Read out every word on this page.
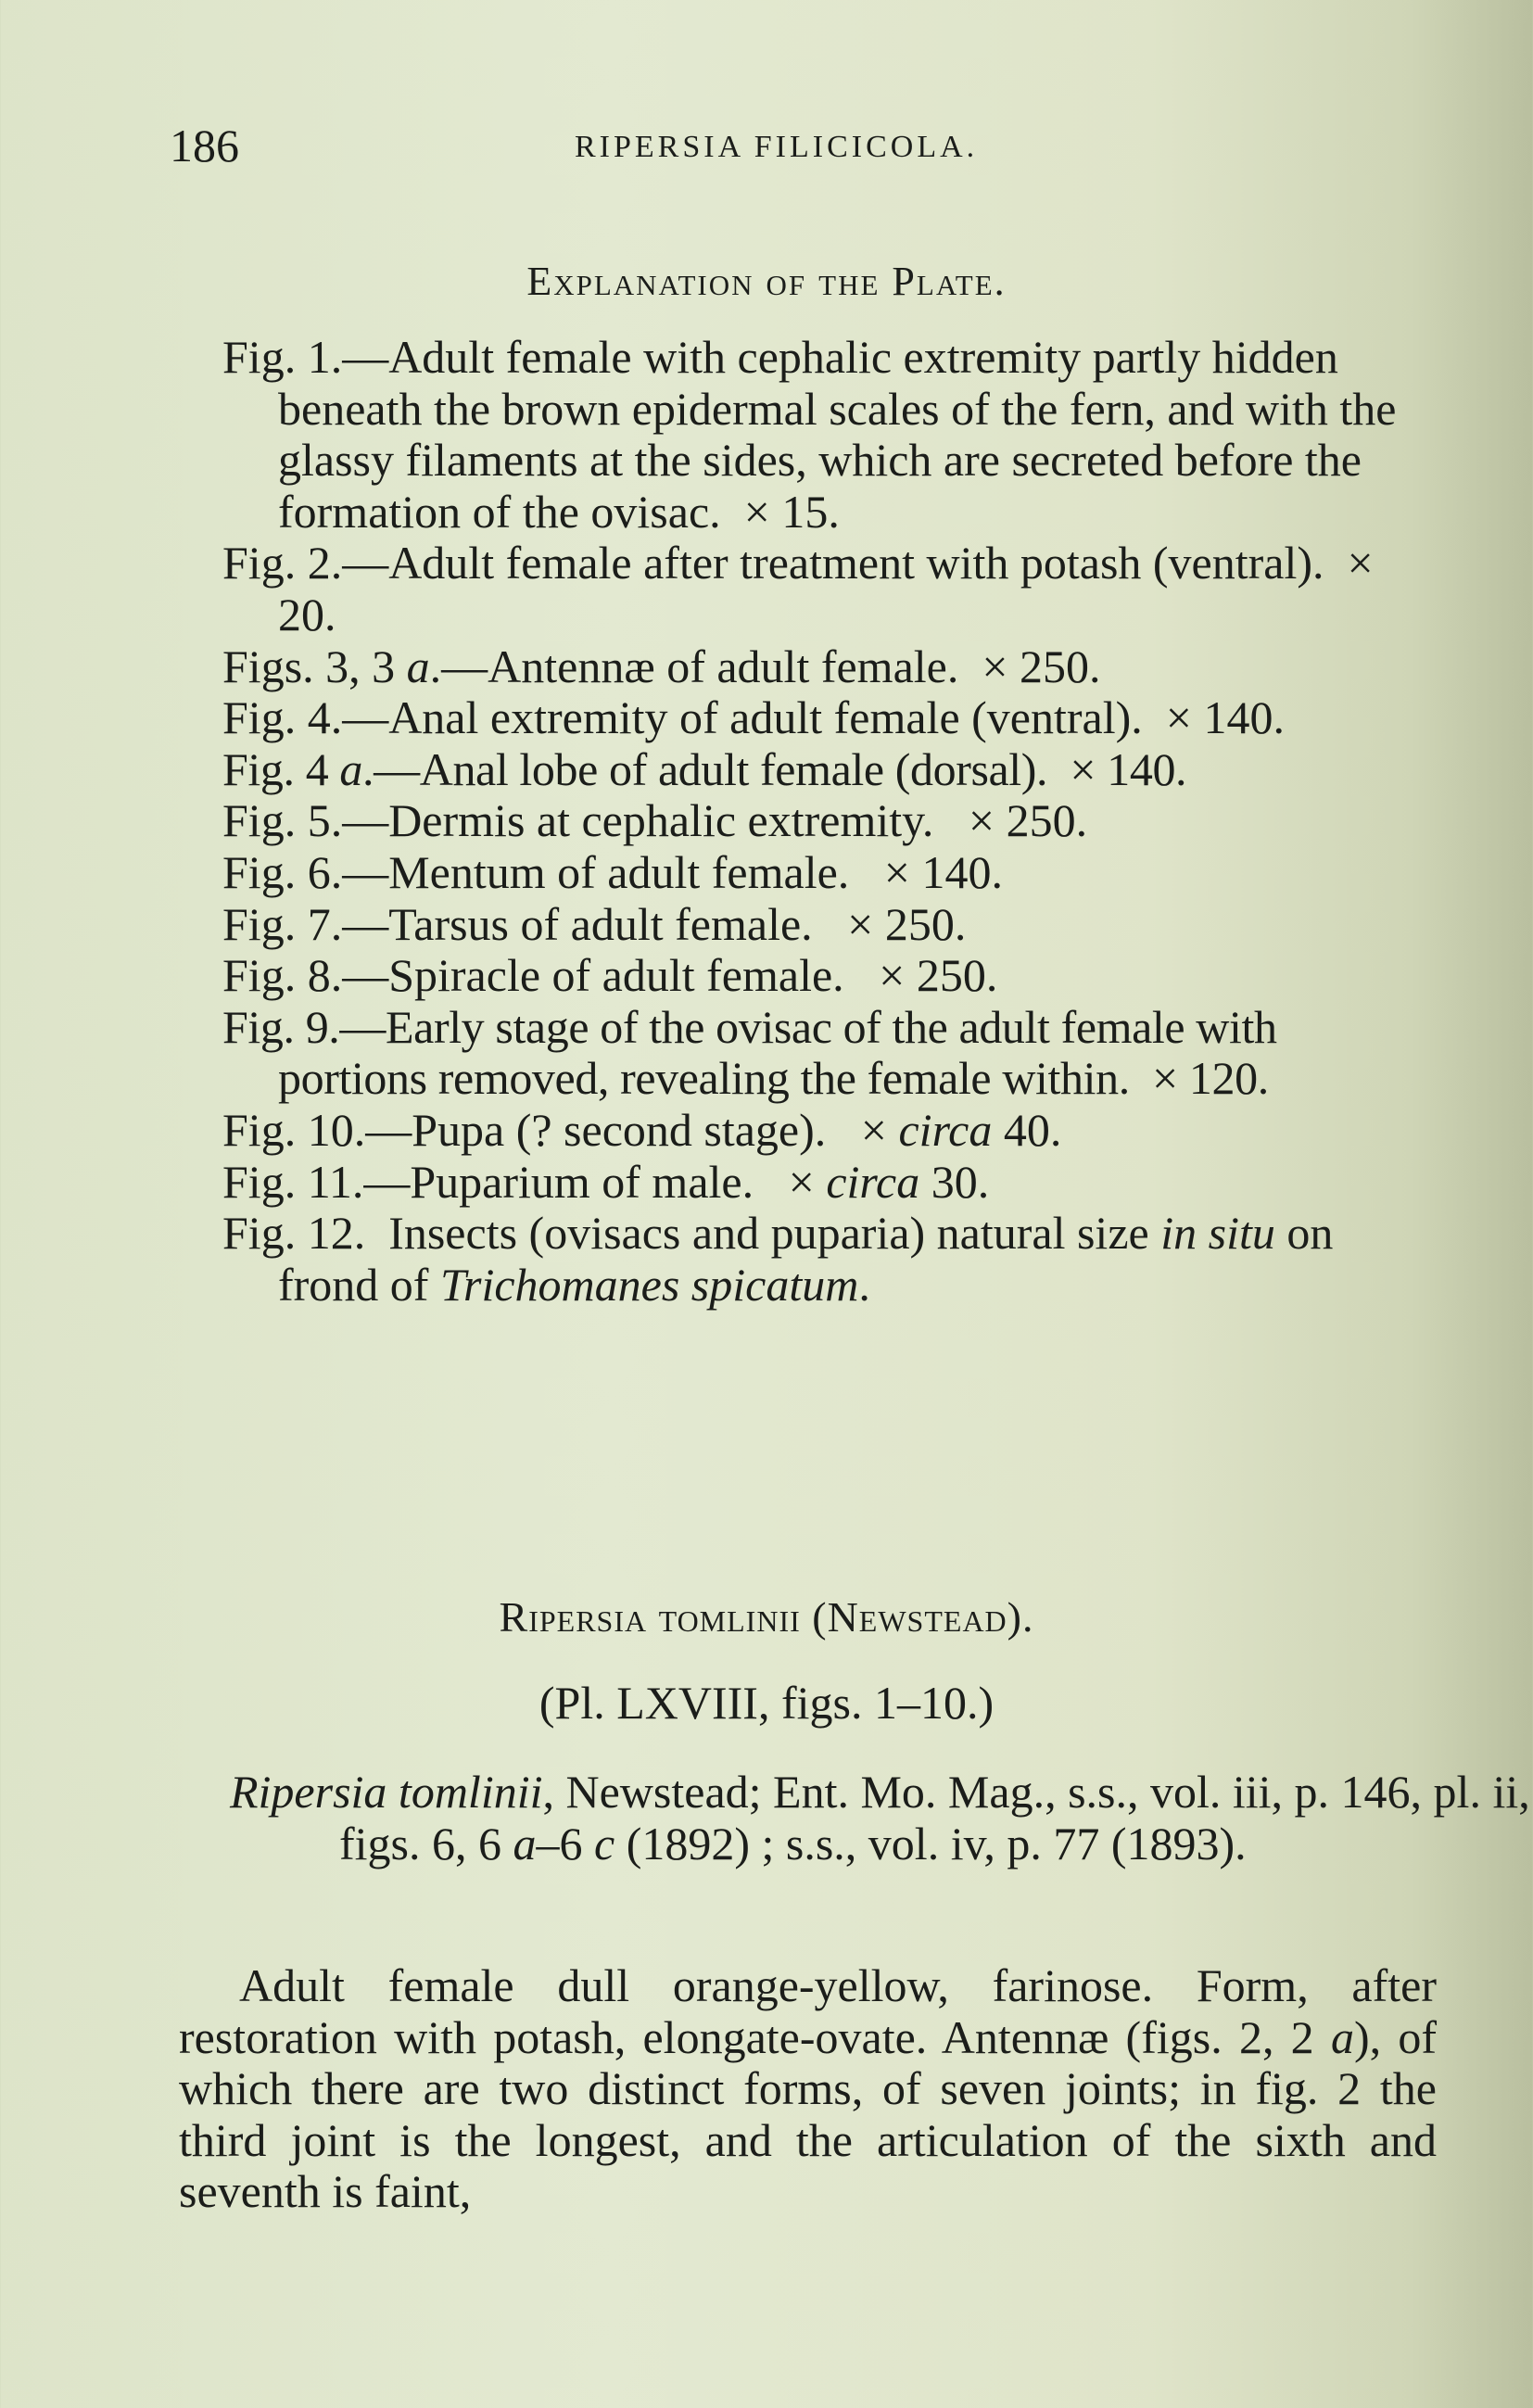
186	RIPERSIA FILICICOLA.
Explanation of the Plate.
Fig. 1.—Adult female with cephalic extremity partly hidden beneath the brown epidermal scales of the fern, and with the glassy filaments at the sides, which are secreted before the formation of the ovisac. × 15.
Fig. 2.—Adult female after treatment with potash (ventral). × 20.
Figs. 3, 3 a.—Antennæ of adult female. × 250.
Fig. 4.—Anal extremity of adult female (ventral). × 140.
Fig. 4 a.—Anal lobe of adult female (dorsal). × 140.
Fig. 5.—Dermis at cephalic extremity. × 250.
Fig. 6.—Mentum of adult female. × 140.
Fig. 7.—Tarsus of adult female. × 250.
Fig. 8.—Spiracle of adult female. × 250.
Fig. 9.—Early stage of the ovisac of the adult female with portions removed, revealing the female within. × 120.
Fig. 10.—Pupa (? second stage). × circa 40.
Fig. 11.—Puparium of male. × circa 30.
Fig. 12. Insects (ovisacs and puparia) natural size in situ on frond of Trichomanes spicatum.
Ripersia tomlinii (Newstead).
(Pl. LXVIII, figs. 1–10.)
Ripersia tomlinii, Newstead; Ent. Mo. Mag., s.s., vol. iii, p. 146, pl. ii, figs. 6, 6 a–6 c (1892) ; s.s., vol. iv, p. 77 (1893).
Adult female dull orange-yellow, farinose. Form, after restoration with potash, elongate-ovate. Antennæ (figs. 2, 2 a), of which there are two distinct forms, of seven joints; in fig. 2 the third joint is the longest, and the articulation of the sixth and seventh is faint,
